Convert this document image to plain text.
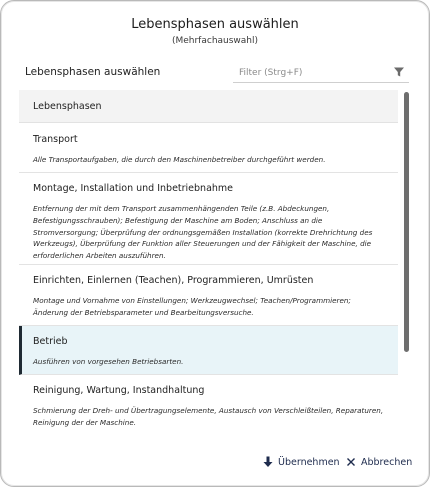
Lebensphasen auswählen
(Mehrfachauswahl)
Lebensphasen auswählen
Filter (Strg+F)
Lebensphasen
Transport
Alle Transportaufgaben, die durch den Maschinenbetreiber durchgeführt werden.
Montage, Installation und Inbetriebnahme
Entfernung der mit dem Transport zusammenhängenden Teile (z.B. Abdeckungen, Befestigungsschrauben); Befestigung der Maschine am Boden; Anschluss an die Stromversorgung; Überprüfung der ordnungsgemäßen Installation (korrekte Drehrichtung des Werkzeugs), Überprüfung der Funktion aller Steuerungen und der Fähigkeit der Maschine, die erforderlichen Arbeiten auszuführen.
Einrichten, Einlernen (Teachen), Programmieren, Umrüsten
Montage und Vornahme von Einstellungen; Werkzeugwechsel; Teachen/Programmieren; Änderung der Betriebsparameter und Bearbeitungsversuche.
Betrieb
Ausführen von vorgesehen Betriebsarten.
Reinigung, Wartung, Instandhaltung
Schmierung der Dreh- und Übertragungselemente, Austausch von Verschleißteilen, Reparaturen, Reinigung der der Maschine.
Übernehmen Abbrechen
